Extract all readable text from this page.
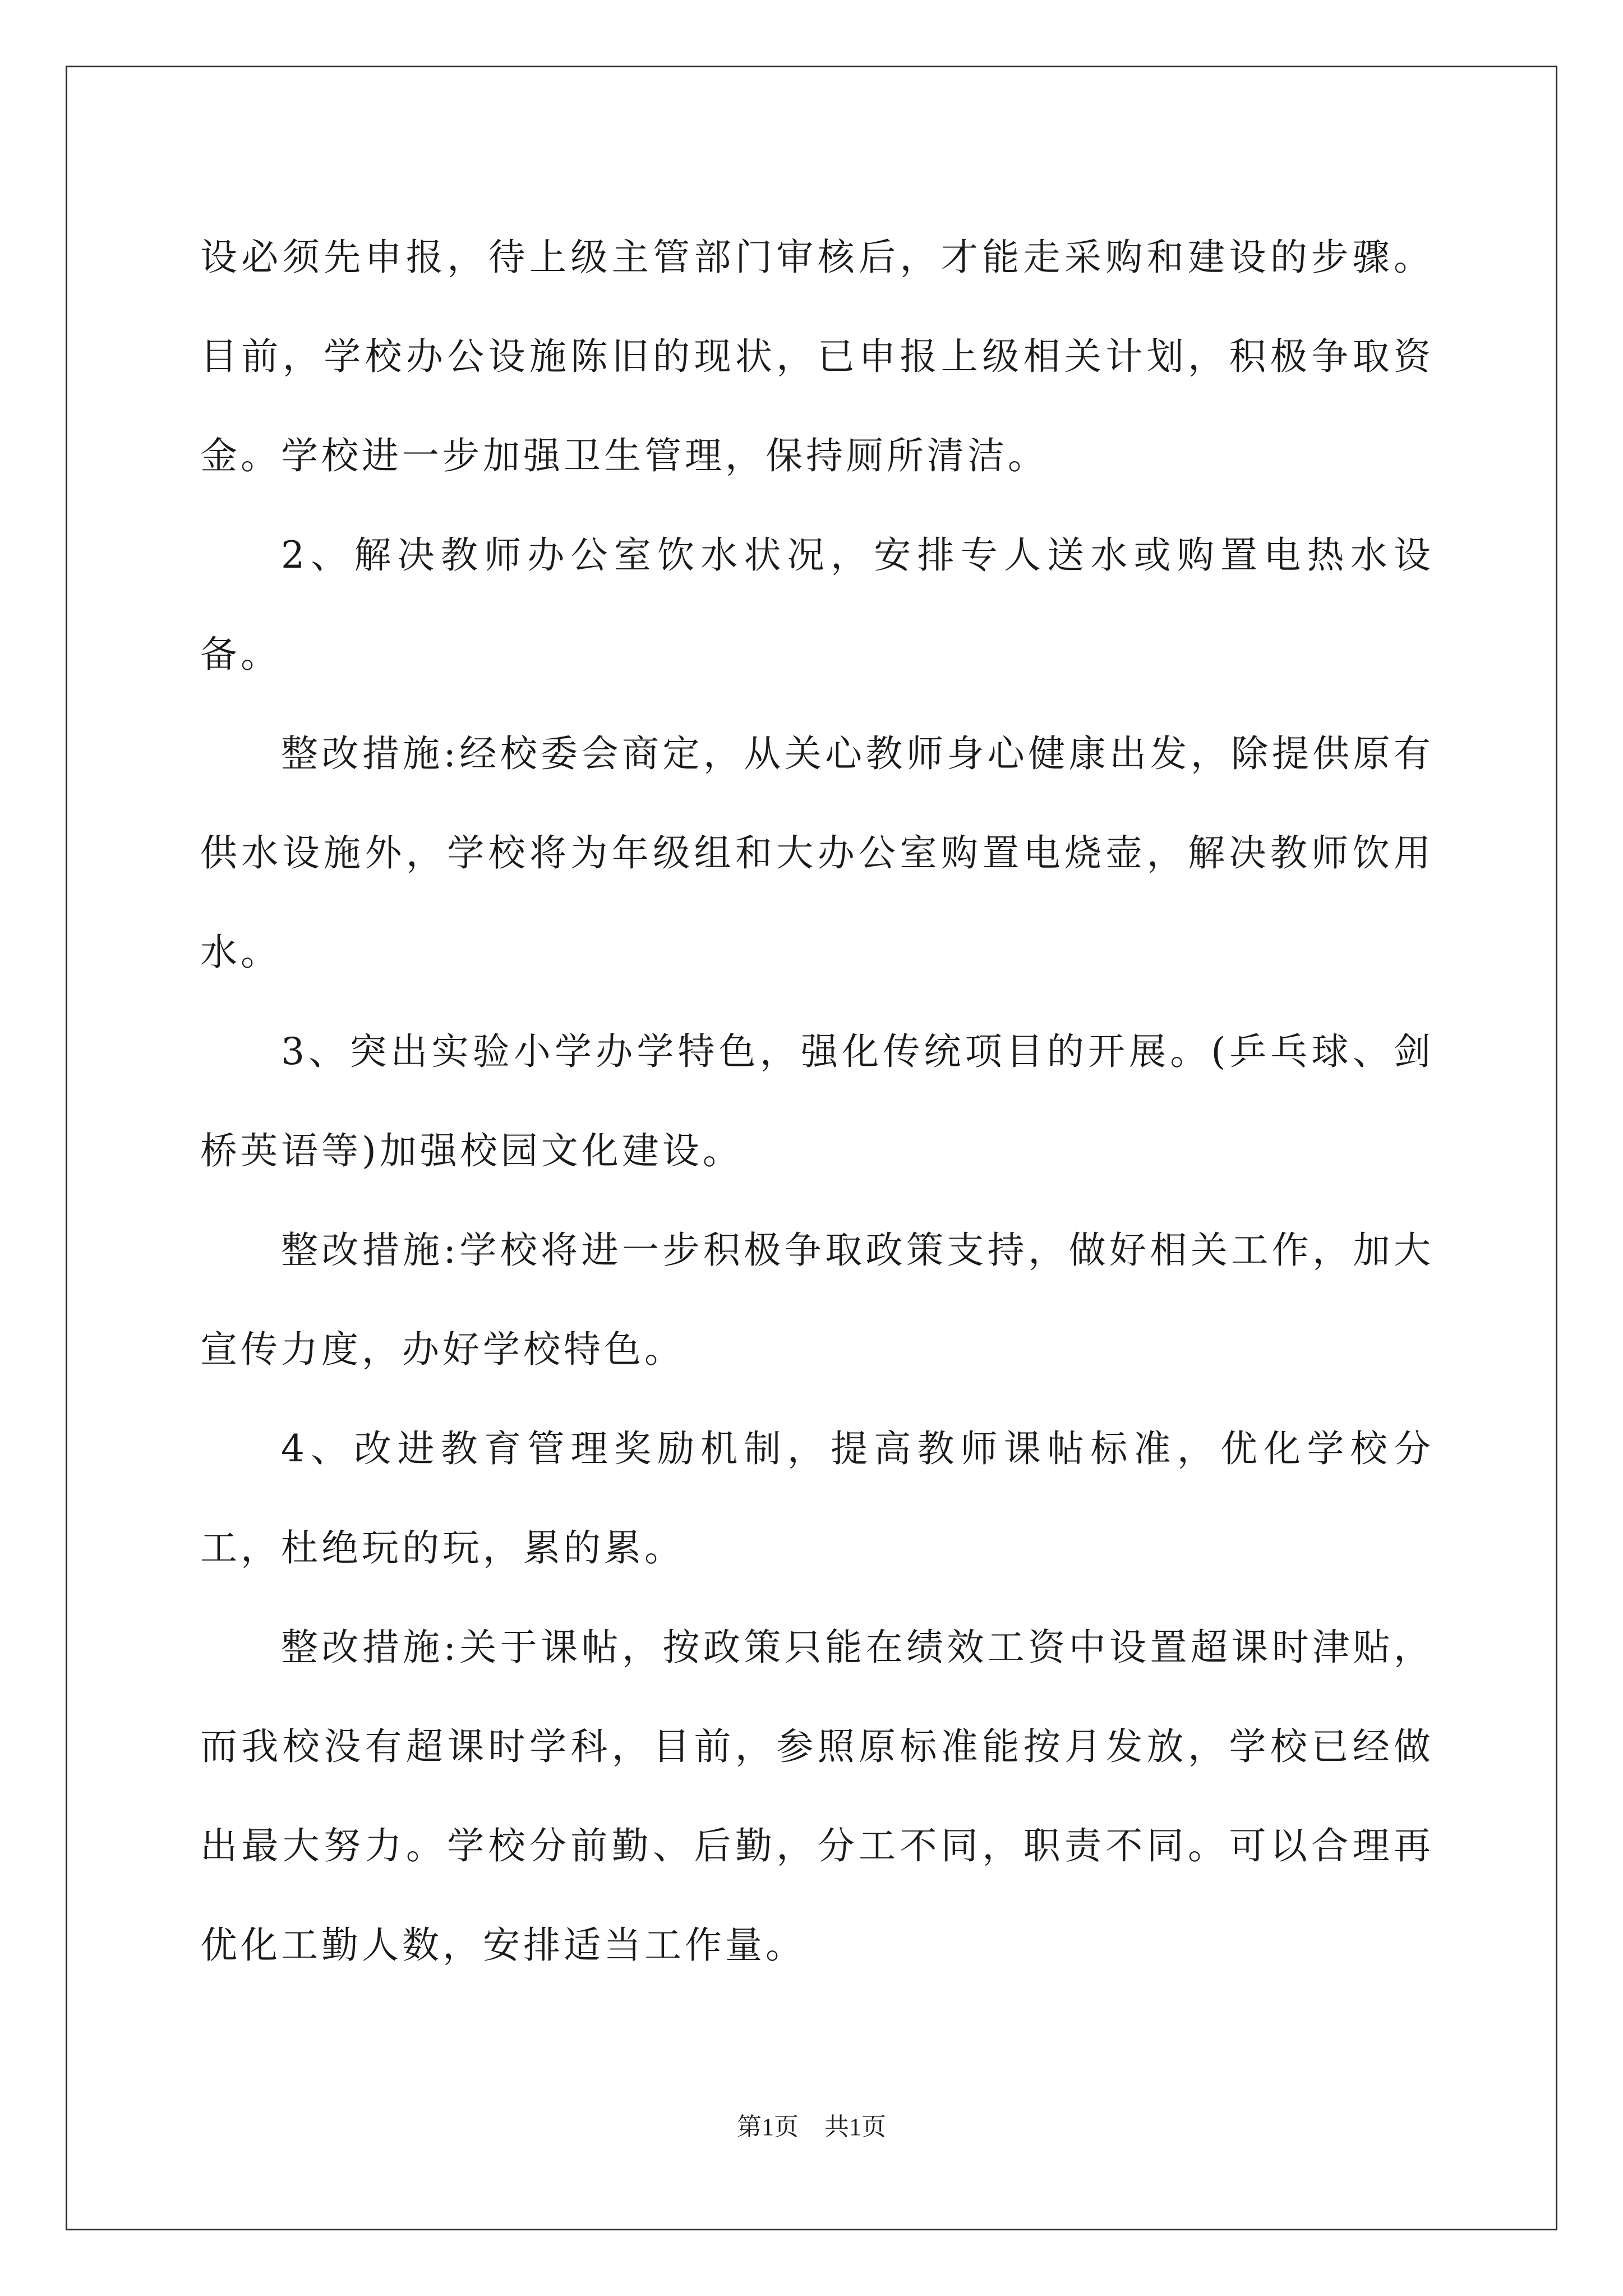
设必须先申报，待上级主管部门审核后，才能走采购和建设的步骤。目前，学校办公设施陈旧的现状，已申报上级相关计划，积极争取资金。学校进一步加强卫生管理，保持厕所清洁。

2、解决教师办公室饮水状况，安排专人送水或购置电热水设备。

整改措施:经校委会商定，从关心教师身心健康出发，除提供原有供水设施外，学校将为年级组和大办公室购置电烧壶，解决教师饮用水。

3、突出实验小学办学特色，强化传统项目的开展。(乒乓球、剑桥英语等)加强校园文化建设。

整改措施:学校将进一步积极争取政策支持，做好相关工作，加大宣传力度，办好学校特色。

4、改进教育管理奖励机制，提高教师课帖标准，优化学校分工，杜绝玩的玩，累的累。

整改措施:关于课帖，按政策只能在绩效工资中设置超课时津贴，而我校没有超课时学科，目前，参照原标准能按月发放，学校已经做出最大努力。学校分前勤、后勤，分工不同，职责不同。可以合理再优化工勤人数，安排适当工作量。

第1页 共1页
